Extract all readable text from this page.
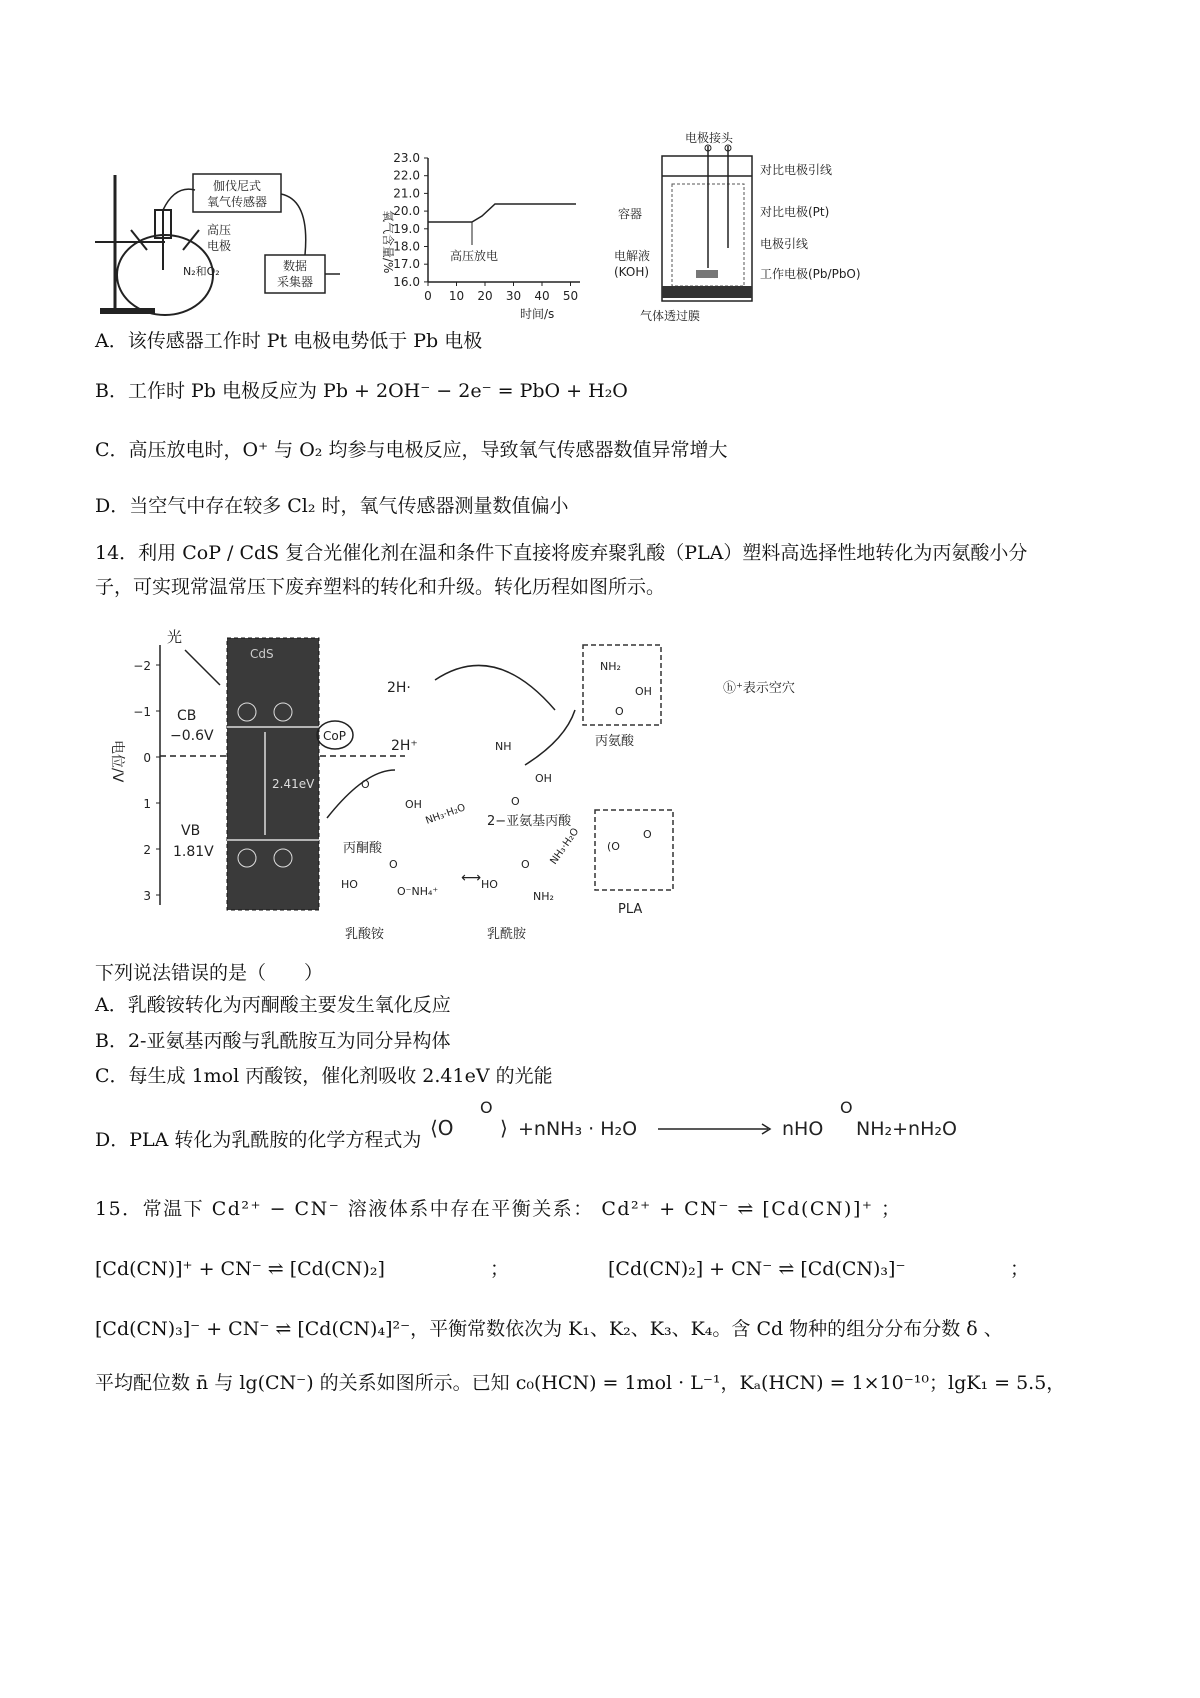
伽伐尼式
氧气传感器
高压
电极
N₂和O₂	数据
采集器
氧气含量/%
23.0
22.0
21.0
20.0
19.0
18.0
17.0
16.0
0 10 20 30 40 50
高压放电
时间/s
电极接头
对比电极引线
容器	对比电极(Pt)
电极引线
电解液
(KOH)	工作电极(Pb/PbO)
气体透过膜
A．该传感器工作时 Pt 电极电势低于 Pb 电极
B．工作时 Pb 电极反应为 Pb + 2OH⁻ − 2e⁻ = PbO + H₂O
C．高压放电时，O⁺ 与 O₂ 均参与电极反应，导致氧气传感器数值异常增大
D．当空气中存在较多 Cl₂ 时，氧气传感器测量数值偏小
14．利用 CoP / CdS 复合光催化剂在温和条件下直接将废弃聚乳酸（PLA）塑料高选择性地转化为丙氨酸小分
子，可实现常温常压下废弃塑料的转化和升级。转化历程如图所示。
电位/V
−2
−1
0
1
2
3
CdS
2.41eV
光
CB
−0.6V
VB
1.81V
CoP
2H·
2H⁺
NH₂
OH
O
丙氨酸
ⓗ⁺表示空穴
NH
OH
O
2−亚氨基丙酸
O
OH
丙酮酸
NH₃·H₂O
(O
O
PLA
NH₃·H₂O
HO
O⁻NH₄⁺
O
乳酸铵
⟷ HO
O
NH₂
乳酰胺
下列说法错误的是（　　）
A．乳酸铵转化为丙酮酸主要发生氧化反应
B．2-亚氨基丙酸与乳酰胺互为同分异构体
C．每生成 1mol 丙酸铵，催化剂吸收 2.41eV 的光能
D．PLA 转化为乳酰胺的化学方程式为 ⟨O
O
⟩ +nNH₃ · H₂O	nHO
O
NH₂+nH₂O
15．常温下 Cd²⁺ − CN⁻ 溶液体系中存在平衡关系： Cd²⁺ + CN⁻ ⇌ [Cd(CN)]⁺ ；
[Cd(CN)]⁺ + CN⁻ ⇌ [Cd(CN)₂]	；	[Cd(CN)₂] + CN⁻ ⇌ [Cd(CN)₃]⁻	；
[Cd(CN)₃]⁻ + CN⁻ ⇌ [Cd(CN)₄]²⁻，平衡常数依次为 K₁、K₂、K₃、K₄。含 Cd 物种的组分分布分数 δ 、
平均配位数 n̄ 与 lg(CN⁻) 的关系如图所示。已知 c₀(HCN) = 1mol · L⁻¹，Kₐ(HCN) = 1×10⁻¹⁰；lgK₁ = 5.5，
